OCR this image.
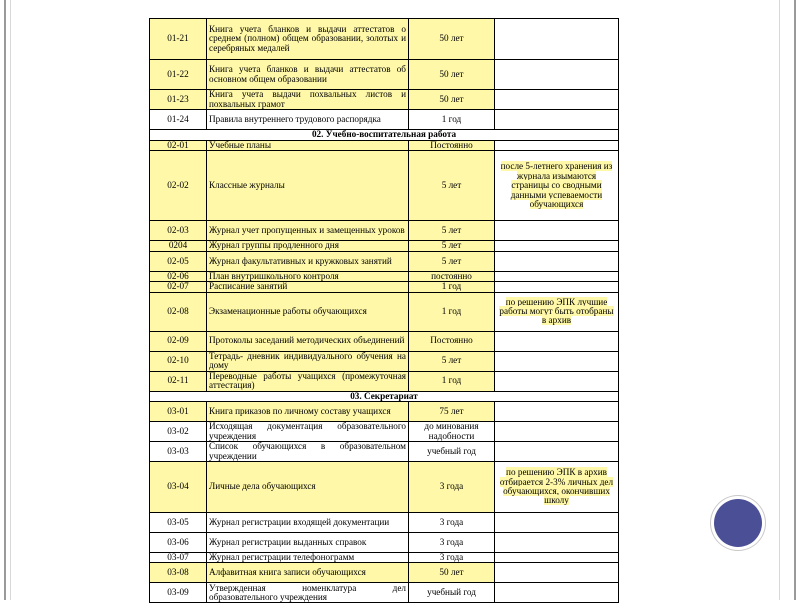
01-21	Книга учета бланков и выдачи аттестатов о среднем (полном) общем образовании, золотых и серебряных медалей	50 лет	
01-22	Книга учета бланков и выдачи аттестатов об основном общем образовании	50 лет	
01-23	Книга учета выдачи похвальных листов и похвальных грамот	50 лет	
01-24	Правила внутреннего трудового распорядка	1 год	
02. Учебно-воспитательная работа			
02-01	Учебные планы	Постоянно	
02-02	Классные журналы	5 лет	после 5-летнего хранения из журнала изымаются страницы со сводными данными успеваемости обучающихся
02-03	Журнал учет пропущенных и замещенных уроков	5 лет	
0204	Журнал группы продленного дня	5 лет	
02-05	Журнал факультативных и кружковых занятий	5 лет	
02-06	План внутришкольного контроля	постоянно	
02-07	Расписание занятий	1 год	
02-08	Экзаменационные работы обучающихся	1 год	по решению ЭПК лучшие работы могут быть отобраны в архив
02-09	Протоколы заседаний методических объединений	Постоянно	
02-10	Тетрадь- дневник индивидуального обучения на дому	5 лет	
02-11	Переводные работы учащихся (промежуточная аттестация)	1 год	
03. Секретариат			
03-01	Книга приказов по личному составу учащихся	75 лет	
03-02	Исходящая документация образовательного учреждения	до минования надобности	
03-03	Список обучающихся в образовательном учреждении	учебный год	
03-04	Личные дела обучающихся	3 года	по решению ЭПК в архив отбирается 2-3% личных дел обучающихся, окончивших школу
03-05	Журнал регистрации входящей документации	3 года	
03-06	Журнал регистрации выданных справок	3 года	
03-07	Журнал регистрации телефонограмм	3 года	
03-08	Алфавитная книга записи обучающихся	50 лет	
03-09	Утвержденная номенклатура дел образовательного учреждения	учебный год	
